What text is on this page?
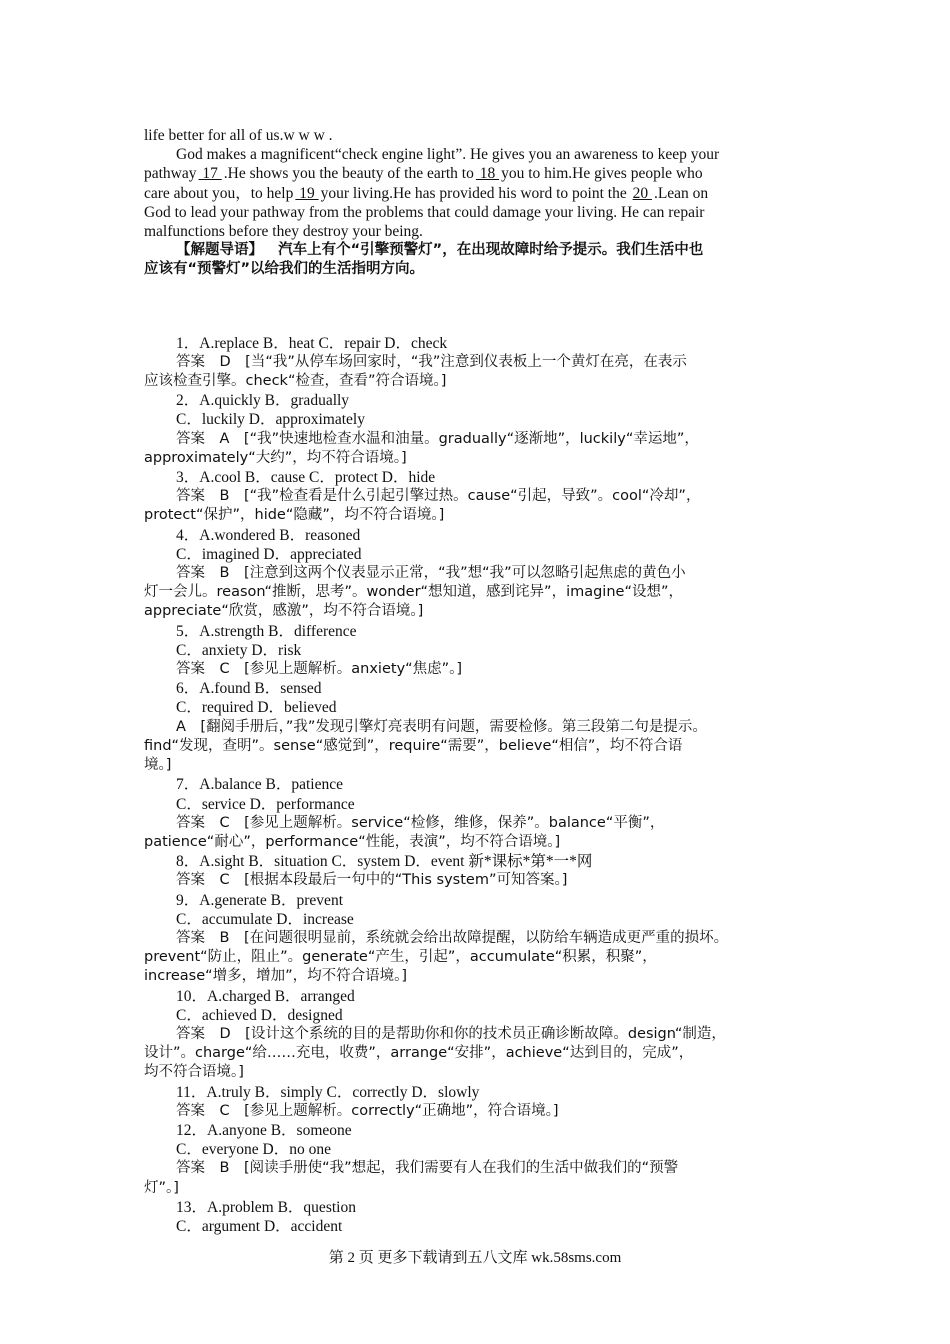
life better for all of us.w w w .
God makes a magnificent“check engine light”. He gives you an awareness to keep your
pathway 17 .He shows you the beauty of the earth to 18 you to him.He gives people who
care about you，to help 19 your living.He has provided his word to point the 20 .Lean on
God to lead your pathway from the problems that could damage your living. He can repair
malfunctions before they destroy your being.
【解题导语】 汽车上有个“引擎预警灯”，在出现故障时给予提示。我们生活中也
应该有“预警灯”以给我们的生活指明方向。
1．A.replace B．heat C．repair D．check
答案　D　[当“我”从停车场回家时，“我”注意到仪表板上一个黄灯在亮，在表示
应该检查引擎。check“检查，查看”符合语境。]
2．A.quickly B．gradually
C．luckily D．approximately
答案　A　[“我”快速地检查水温和油量。gradually“逐渐地”，luckily“幸运地”，
approximately“大约”，均不符合语境。]
3．A.cool B．cause C．protect D．hide
答案　B　[“我”检查看是什么引起引擎过热。cause“引起，导致”。cool“冷却”，
protect“保护”，hide“隐藏”，均不符合语境。]
4．A.wondered B．reasoned
C．imagined D．appreciated
答案　B　[注意到这两个仪表显示正常，“我”想“我”可以忽略引起焦虑的黄色小
灯一会儿。reason“推断，思考”。wonder“想知道，感到诧异”，imagine“设想”，
appreciate“欣赏，感激”，均不符合语境。]
5．A.strength B．difference
C．anxiety D．risk
答案　C　[参见上题解析。anxiety“焦虑”。]
6．A.found B．sensed
C．required D．believed
A　[翻阅手册后，”我”发现引擎灯亮表明有问题，需要检修。第三段第二句是提示。
find“发现，查明”。sense“感觉到”，require“需要”，believe“相信”，均不符合语
境。]
7．A.balance B．patience
C．service D．performance
答案　C　[参见上题解析。service“检修，维修，保养”。balance“平衡”，
patience“耐心”，performance“性能，表演”，均不符合语境。]
8．A.sight B．situation C．system D．event 新*课标*第*一*网
答案　C　[根据本段最后一句中的“This system”可知答案。]
9．A.generate B．prevent
C．accumulate D．increase
答案　B　[在问题很明显前，系统就会给出故障提醒，以防给车辆造成更严重的损坏。
prevent“防止，阻止”。generate“产生，引起”，accumulate“积累，积聚”，
increase“增多，增加”，均不符合语境。]
10．A.charged B．arranged
C．achieved D．designed
答案　D　[设计这个系统的目的是帮助你和你的技术员正确诊断故障。design“制造，
设计”。charge“给……充电，收费”，arrange“安排”，achieve“达到目的，完成”，
均不符合语境。]
11．A.truly B．simply C．correctly D．slowly
答案　C　[参见上题解析。correctly“正确地”，符合语境。]
12．A.anyone B．someone
C．everyone D．no one
答案　B　[阅读手册使“我”想起，我们需要有人在我们的生活中做我们的“预警
灯”。]
13．A.problem B．question
C．argument D．accident
第 2 页 更多下载请到五八文库 wk.58sms.com
